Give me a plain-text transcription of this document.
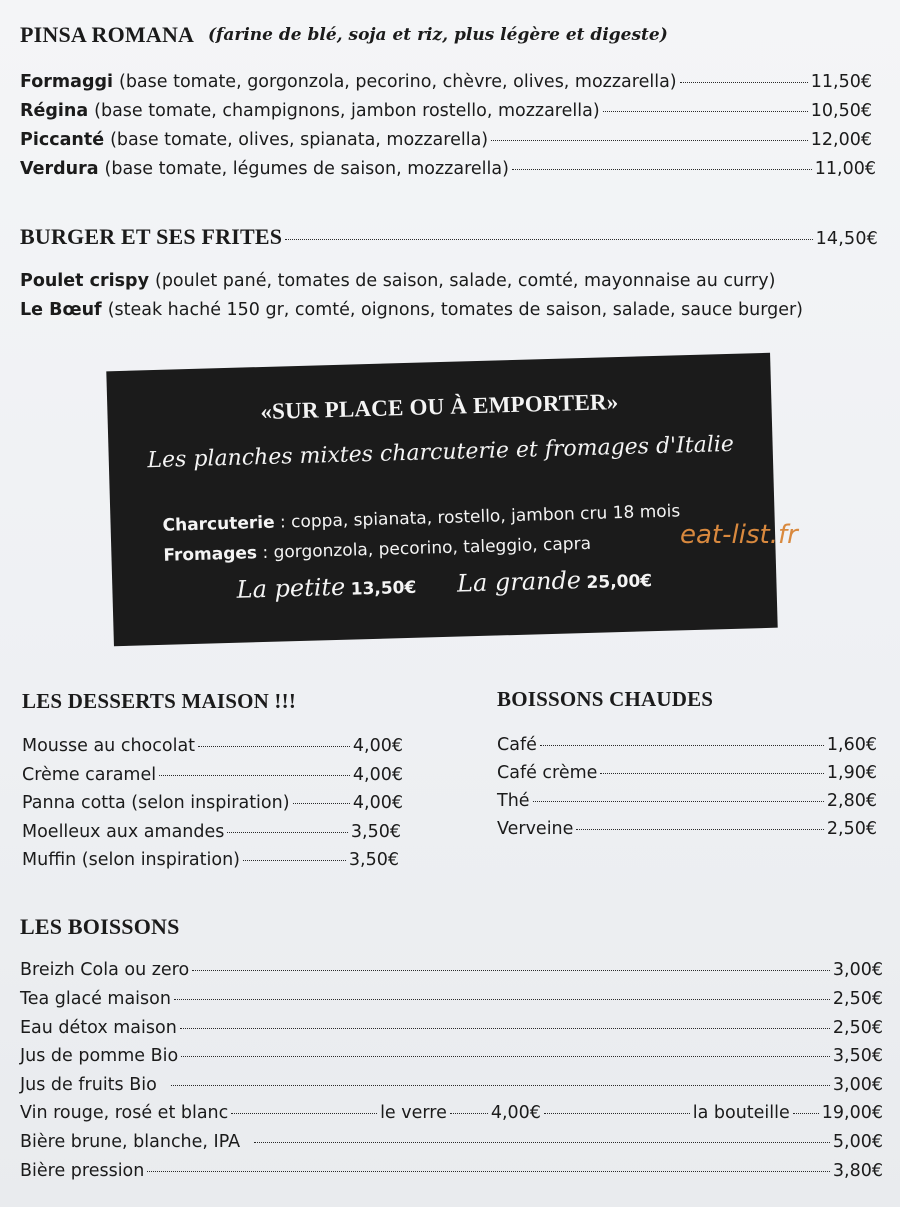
PINSA ROMANA (farine de blé, soja et riz, plus légère et digeste)
Formaggi (base tomate, gorgonzola, pecorino, chèvre, olives, mozzarella)	11,50€
Régina (base tomate, champignons, jambon rostello, mozzarella)	10,50€
Piccanté (base tomate, olives, spianata, mozzarella)	12,00€
Verdura (base tomate, légumes de saison, mozzarella)	11,00€
BURGER ET SES FRITES	14,50€
Poulet crispy (poulet pané, tomates de saison, salade, comté, mayonnaise au curry)
Le Bœuf (steak haché 150 gr, comté, oignons, tomates de saison, salade, sauce burger)
«SUR PLACE OU À EMPORTER»
Les planches mixtes charcuterie et fromages d'Italie
Charcuterie : coppa, spianata, rostello, jambon cru 18 mois
Fromages : gorgonzola, pecorino, taleggio, capra
La petite 13,50€ La grande 25,00€
eat-list.fr
LES DESSERTS MAISON !!!
Mousse au chocolat	4,00€
Crème caramel	4,00€
Panna cotta (selon inspiration)	4,00€
Moelleux aux amandes	3,50€
Muffin (selon inspiration)	3,50€
BOISSONS CHAUDES
Café	1,60€
Café crème	1,90€
Thé	2,80€
Verveine	2,50€
LES BOISSONS
Breizh Cola ou zero	3,00€
Tea glacé maison	2,50€
Eau détox maison	2,50€
Jus de pomme Bio	3,50€
Jus de fruits Bio	3,00€
Vin rouge, rosé et blanc	le verre	4,00€	la bouteille 19,00€
Bière brune, blanche, IPA	5,00€
Bière pression	3,80€
